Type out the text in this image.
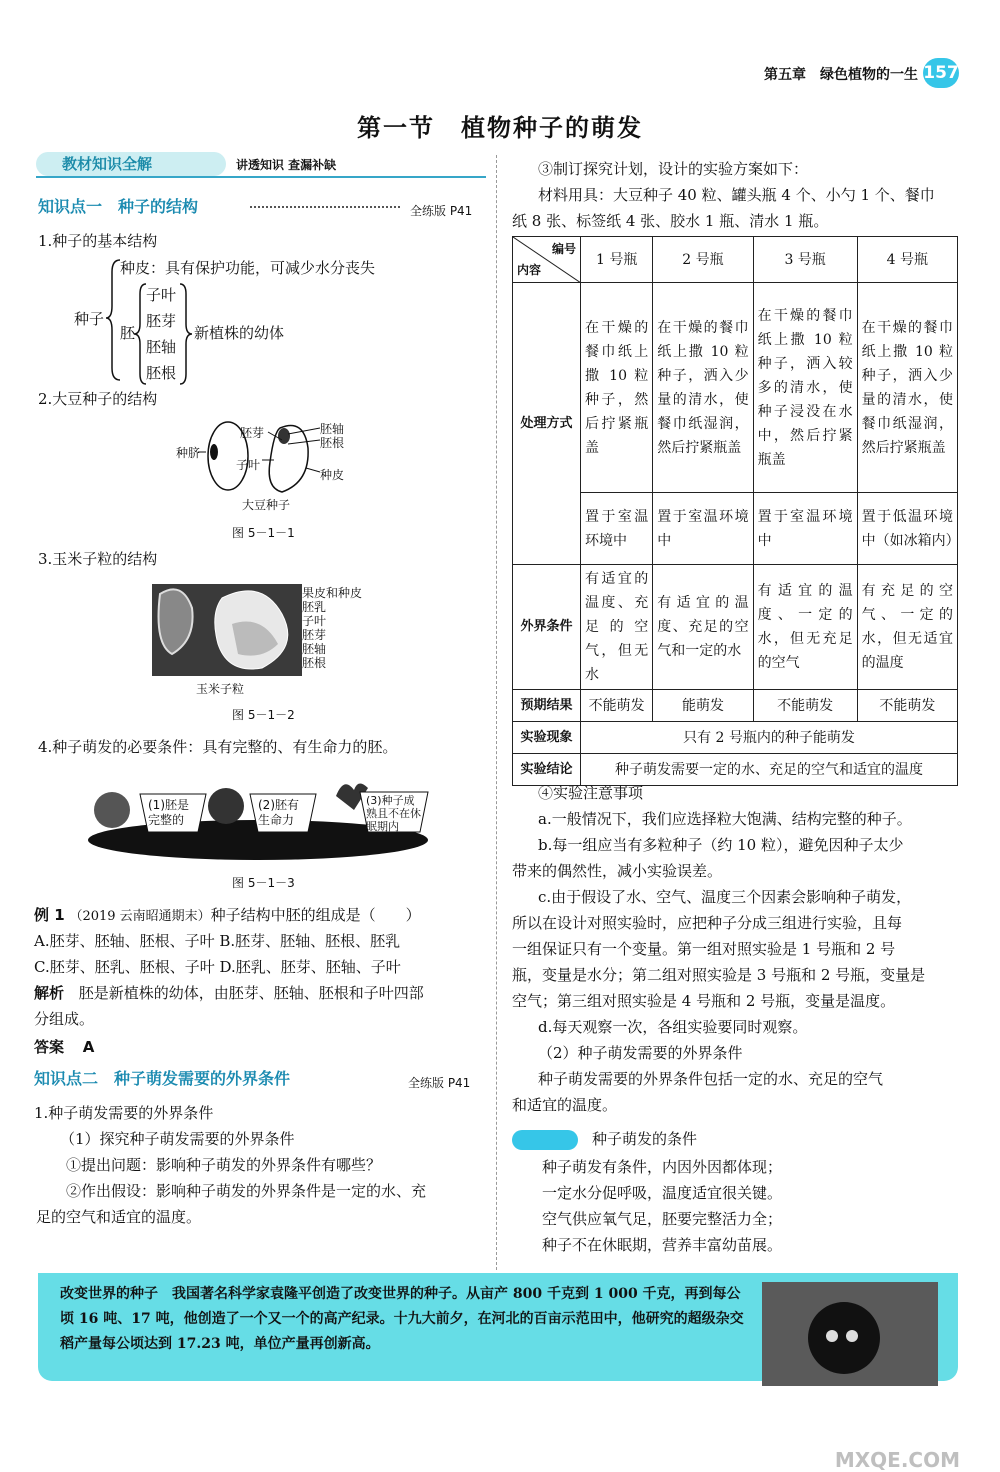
第五章　绿色植物的一生 157
第一节　植物种子的萌发
教材知识全解	讲透知识 查漏补缺
知识点一　种子的结构	全练版 P41
1.种子的基本结构
种子
种皮：具有保护功能，可减少水分丧失
胚
子叶
胚芽
胚轴
胚根
新植株的幼体
2.大豆种子的结构
种脐
胚芽
子叶
胚轴
胚根
种皮
大豆种子
图 5－1－1
3.玉米子粒的结构
果皮和种皮
胚乳
子叶
胚芽
胚轴
胚根
玉米子粒
图 5－1－2
4.种子萌发的必要条件：具有完整的、有生命力的胚。
(1)胚是完整的
(2)胚有生命力
(3)种子成熟且不在休眠期内
图 5－1－3
例 1 （2019 云南昭通期末）种子结构中胚的组成是（　　）
A.胚芽、胚轴、胚根、子叶 B.胚芽、胚轴、胚根、胚乳
C.胚芽、胚乳、胚根、子叶 D.胚乳、胚芽、胚轴、子叶
解析 胚是新植株的幼体，由胚芽、胚轴、胚根和子叶四部
分组成。
答案 A
知识点二　种子萌发需要的外界条件	全练版 P41
1.种子萌发需要的外界条件
（1）探究种子萌发需要的外界条件
①提出问题：影响种子萌发的外界条件有哪些？
②作出假设：影响种子萌发的外界条件是一定的水、充
足的空气和适宜的温度。
③制订探究计划，设计的实验方案如下：
材料用具：大豆种子 40 粒、罐头瓶 4 个、小勺 1 个、餐巾
纸 8 张、标签纸 4 张、胶水 1 瓶、清水 1 瓶。
编号
内容	1 号瓶	2 号瓶	3 号瓶	4 号瓶
处理方式	在干燥的餐巾纸上撒 10 粒种子，然后拧紧瓶盖	在干燥的餐巾纸上撒 10 粒种子，洒入少量的清水，使餐巾纸湿润，然后拧紧瓶盖	在干燥的餐巾纸上撒 10 粒种子，洒入较多的清水，使种子浸没在水中，然后拧紧瓶盖	在干燥的餐巾纸上撒 10 粒种子，洒入少量的清水，使餐巾纸湿润，然后拧紧瓶盖
	置于室温环境中	置于室温环境中	置于室温环境中	置于低温环境中（如冰箱内）
外界条件	有适宜的温度、充足的空气，但无水	有适宜的温度、充足的空气和一定的水	有适宜的温度、一定的水，但无充足的空气	有充足的空气、一定的水，但无适宜的温度
预期结果	不能萌发	能萌发	不能萌发	不能萌发
实验现象	只有 2 号瓶内的种子能萌发			
实验结论	种子萌发需要一定的水、充足的空气和适宜的温度			
④实验注意事项
a.一般情况下，我们应选择粒大饱满、结构完整的种子。
b.每一组应当有多粒种子（约 10 粒），避免因种子太少
带来的偶然性，减小实验误差。
c.由于假设了水、空气、温度三个因素会影响种子萌发，
所以在设计对照实验时，应把种子分成三组进行实验，且每
一组保证只有一个变量。第一组对照实验是 1 号瓶和 2 号
瓶，变量是水分；第二组对照实验是 3 号瓶和 2 号瓶，变量是
空气；第三组对照实验是 4 号瓶和 2 号瓶，变量是温度。
d.每天观察一次，各组实验要同时观察。
（2）种子萌发需要的外界条件
种子萌发需要的外界条件包括一定的水、充足的空气
和适宜的温度。
种子萌发的条件
种子萌发有条件，内因外因都体现；
一定水分促呼吸，温度适宜很关键。
空气供应氧气足，胚要完整活力全；
种子不在休眠期，营养丰富幼苗展。
改变世界的种子 我国著名科学家袁隆平创造了改变世界的种子。从亩产 800 千克到 1 000 千克，再到每公顷 16 吨、17 吨，他创造了一个又一个的高产纪录。十九大前夕，在河北的百亩示范田中，他研究的超级杂交稻产量每公顷达到 17.23 吨，单位产量再创新高。
MXQE.COM
